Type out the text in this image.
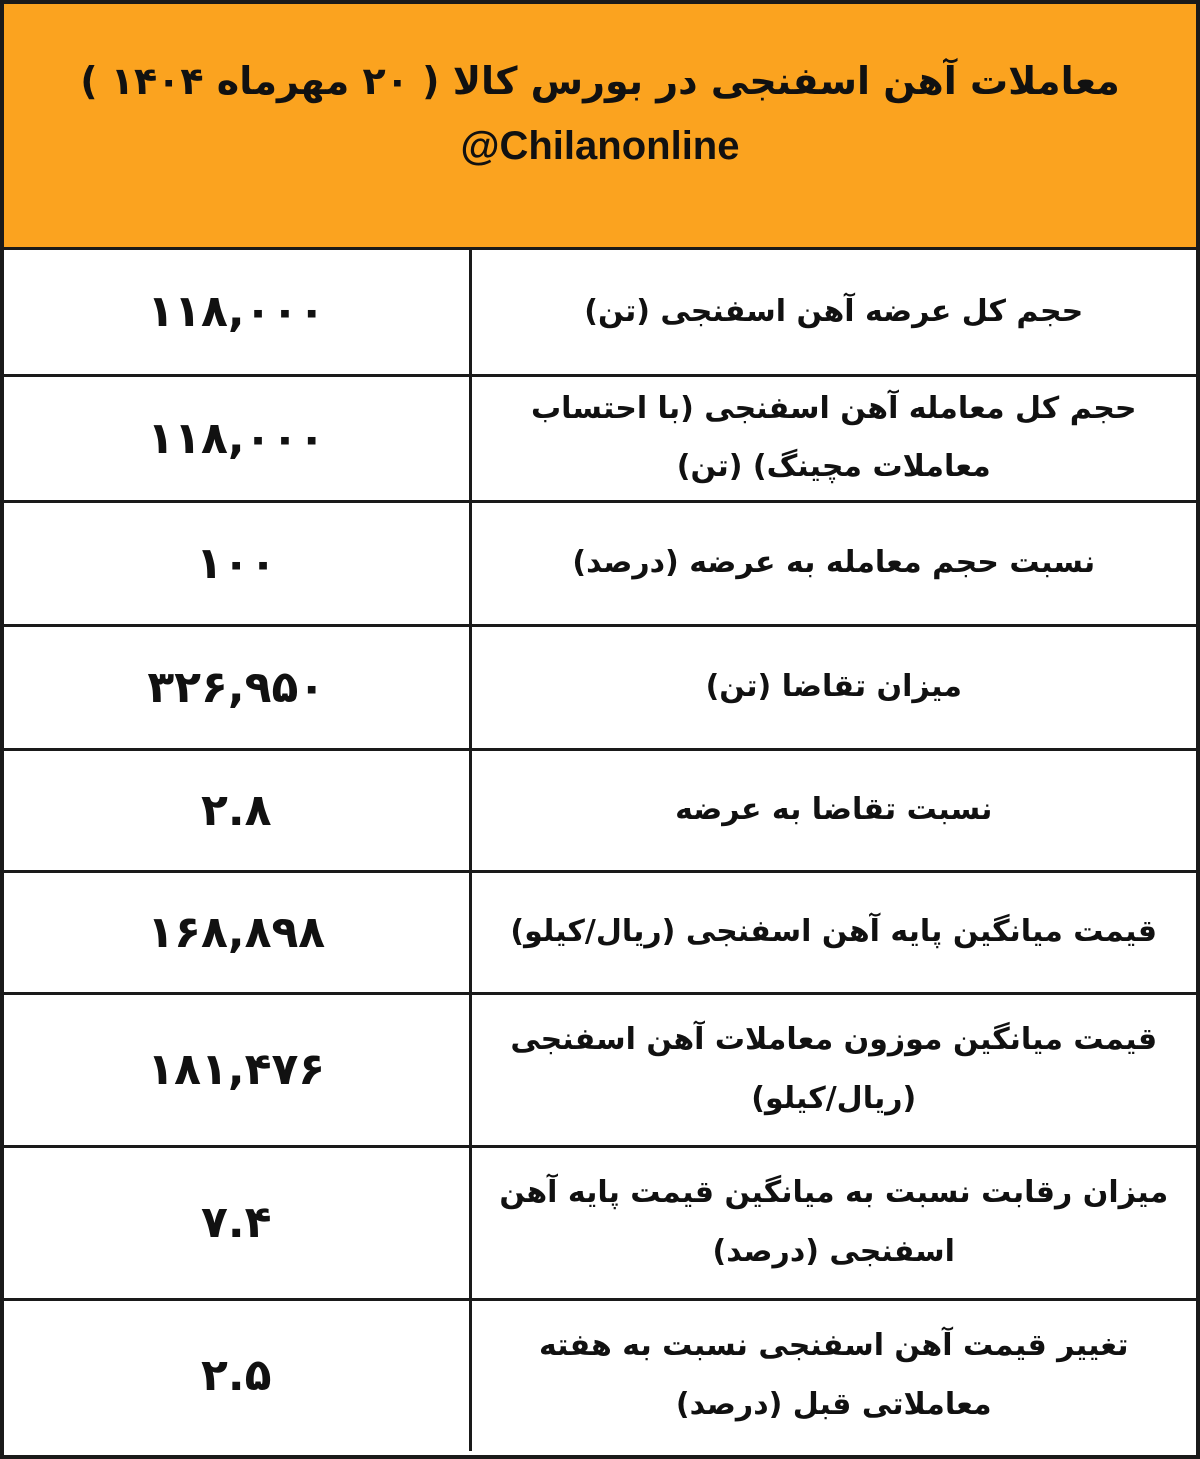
معاملات آهن اسفنجی در بورس کالا ( ۲۰ مهرماه ۱۴۰۴ )
@Chilanonline
۱۱۸,۰۰۰	حجم کل عرضه آهن اسفنجی (تن)
۱۱۸,۰۰۰	حجم کل معامله آهن اسفنجی (با احتساب معاملات مچینگ) (تن)
۱۰۰	نسبت حجم معامله به عرضه (درصد)
۳۲۶,۹۵۰	میزان تقاضا (تن)
۲.۸	نسبت تقاضا به عرضه
۱۶۸,۸۹۸	قیمت میانگین پایه آهن اسفنجی (ریال/کیلو)
۱۸۱,۴۷۶	قیمت میانگین موزون معاملات آهن اسفنجی (ریال/کیلو)
۷.۴	میزان رقابت نسبت به میانگین قیمت پایه آهن اسفنجی (درصد)
۲.۵	تغییر قیمت آهن اسفنجی نسبت به هفته معاملاتی قبل (درصد)
